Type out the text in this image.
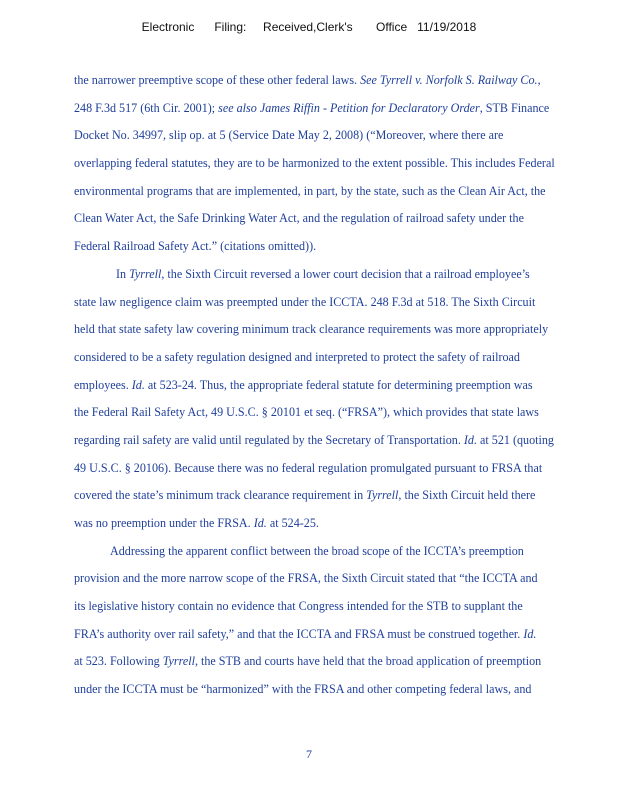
Electronic      Filing:     Received,Clerk's       Office   11/19/2018
the narrower preemptive scope of these other federal laws. See Tyrrell v. Norfolk S. Railway Co.,
248 F.3d 517 (6th Cir. 2001); see also James Riffin - Petition for Declaratory Order, STB Finance
Docket No. 34997, slip op. at 5 (Service Date May 2, 2008) (“Moreover, where there are
overlapping federal statutes, they are to be harmonized to the extent possible. This includes Federal
environmental programs that are implemented, in part, by the state, such as the Clean Air Act, the
Clean Water Act, the Safe Drinking Water Act, and the regulation of railroad safety under the
Federal Railroad Safety Act.” (citations omitted)).
In Tyrrell, the Sixth Circuit reversed a lower court decision that a railroad employee’s
state law negligence claim was preempted under the ICCTA. 248 F.3d at 518. The Sixth Circuit
held that state safety law covering minimum track clearance requirements was more appropriately
considered to be a safety regulation designed and interpreted to protect the safety of railroad
employees. Id. at 523-24. Thus, the appropriate federal statute for determining preemption was
the Federal Rail Safety Act, 49 U.S.C. § 20101 et seq. (“FRSA”), which provides that state laws
regarding rail safety are valid until regulated by the Secretary of Transportation. Id. at 521 (quoting
49 U.S.C. § 20106). Because there was no federal regulation promulgated pursuant to FRSA that
covered the state’s minimum track clearance requirement in Tyrrell, the Sixth Circuit held there
was no preemption under the FRSA. Id. at 524-25.
Addressing the apparent conflict between the broad scope of the ICCTA’s preemption
provision and the more narrow scope of the FRSA, the Sixth Circuit stated that “the ICCTA and
its legislative history contain no evidence that Congress intended for the STB to supplant the
FRA’s authority over rail safety,” and that the ICCTA and FRSA must be construed together. Id.
at 523. Following Tyrrell, the STB and courts have held that the broad application of preemption
under the ICCTA must be “harmonized” with the FRSA and other competing federal laws, and
7
